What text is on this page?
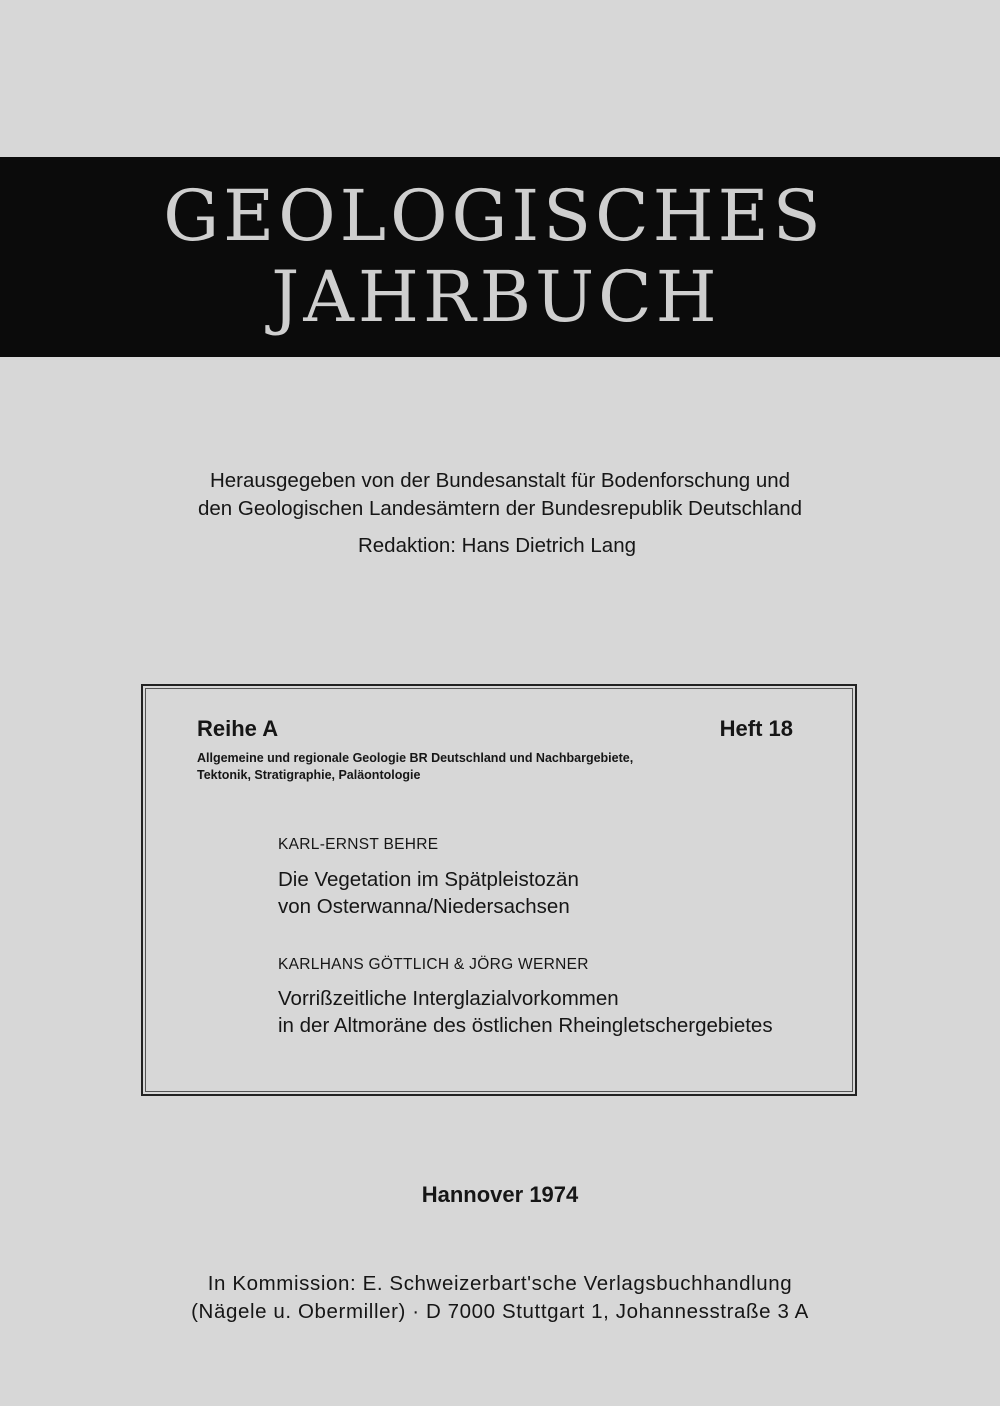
GEOLOGISCHES
JAHRBUCH
Herausgegeben von der Bundesanstalt für Bodenforschung und
den Geologischen Landesämtern der Bundesrepublik Deutschland
Redaktion: Hans Dietrich Lang
Reihe A	Heft 18
Allgemeine und regionale Geologie BR Deutschland und Nachbargebiete,
Tektonik, Stratigraphie, Paläontologie
KARL-ERNST BEHRE
Die Vegetation im Spätpleistozän
von Osterwanna/Niedersachsen
KARLHANS GÖTTLICH & JÖRG WERNER
Vorrißzeitliche Interglazialvorkommen
in der Altmoräne des östlichen Rheingletschergebietes
Hannover 1974
In Kommission: E. Schweizerbart'sche Verlagsbuchhandlung
(Nägele u. Obermiller) · D 7000 Stuttgart 1, Johannesstraße 3 A
